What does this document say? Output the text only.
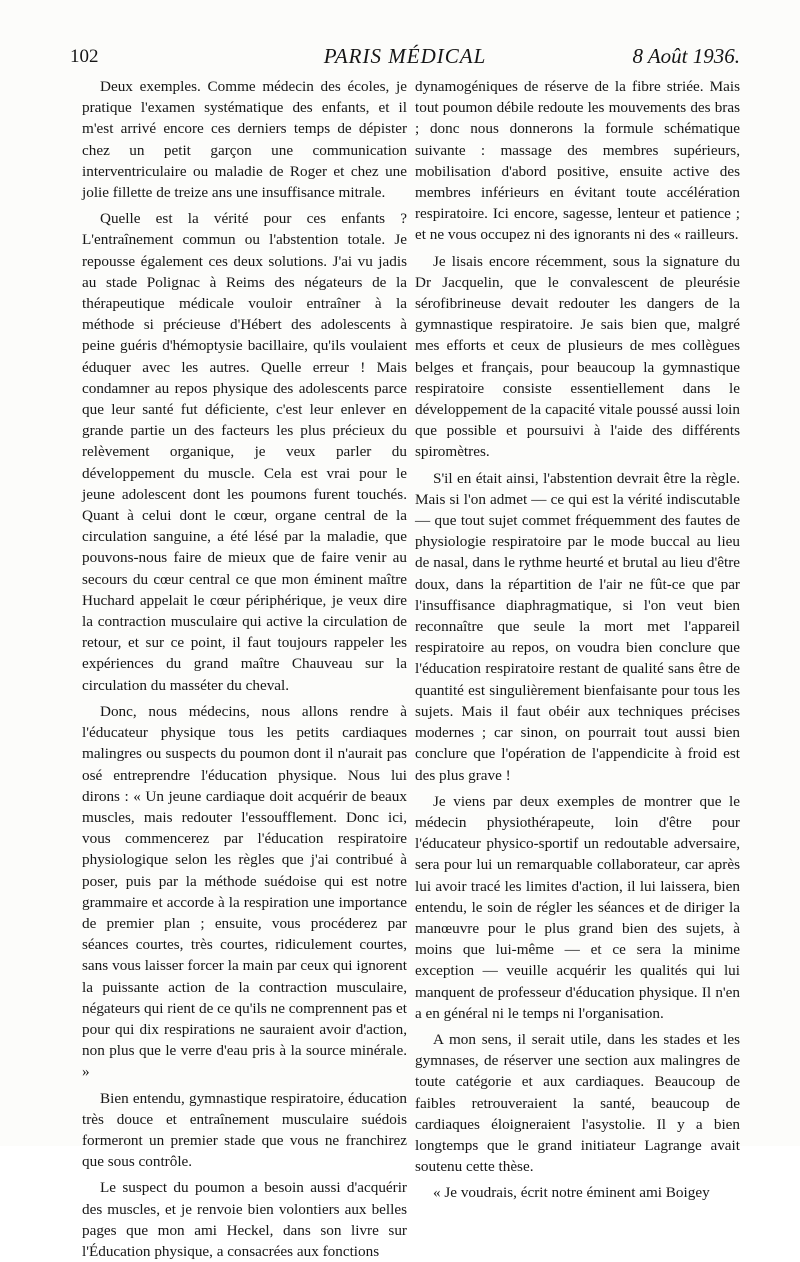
102	PARIS MÉDICAL	8 Août 1936.

Deux exemples. Comme médecin des écoles, je pratique l'examen systématique des enfants, et il m'est arrivé encore ces derniers temps de dépister chez un petit garçon une communication interventriculaire ou maladie de Roger et chez une jolie fillette de treize ans une insuffisance mitrale.

Quelle est la vérité pour ces enfants ? L'entraînement commun ou l'abstention totale. Je repousse également ces deux solutions. J'ai vu jadis au stade Polignac à Reims des négateurs de la thérapeutique médicale vouloir entraîner à la méthode si précieuse d'Hébert des adolescents à peine guéris d'hémoptysie bacillaire, qu'ils voulaient éduquer avec les autres. Quelle erreur ! Mais condamner au repos physique des adolescents parce que leur santé fut déficiente, c'est leur enlever en grande partie un des facteurs les plus précieux du relèvement organique, je veux parler du développement du muscle. Cela est vrai pour le jeune adolescent dont les poumons furent touchés. Quant à celui dont le cœur, organe central de la circulation sanguine, a été lésé par la maladie, que pouvons-nous faire de mieux que de faire venir au secours du cœur central ce que mon éminent maître Huchard appelait le cœur périphérique, je veux dire la contraction musculaire qui active la circulation de retour, et sur ce point, il faut toujours rappeler les expériences du grand maître Chauveau sur la circulation du masséter du cheval.

Donc, nous médecins, nous allons rendre à l'éducateur physique tous les petits cardiaques malingres ou suspects du poumon dont il n'aurait pas osé entreprendre l'éducation physique. Nous lui dirons : « Un jeune cardiaque doit acquérir de beaux muscles, mais redouter l'essoufflement. Donc ici, vous commencerez par l'éducation respiratoire physiologique selon les règles que j'ai contribué à poser, puis par la méthode suédoise qui est notre grammaire et accorde à la respiration une importance de premier plan ; ensuite, vous procéderez par séances courtes, très courtes, ridiculement courtes, sans vous laisser forcer la main par ceux qui ignorent la puissante action de la contraction musculaire, négateurs qui rient de ce qu'ils ne comprennent pas et pour qui dix respirations ne sauraient avoir d'action, non plus que le verre d'eau pris à la source minérale. »

Bien entendu, gymnastique respiratoire, éducation très douce et entraînement musculaire suédois formeront un premier stade que vous ne franchirez que sous contrôle.

Le suspect du poumon a besoin aussi d'acquérir des muscles, et je renvoie bien volontiers aux belles pages que mon ami Heckel, dans son livre sur l'Éducation physique, a consacrées aux fonctions

dynamogéniques de réserve de la fibre striée. Mais tout poumon débile redoute les mouvements des bras ; donc nous donnerons la formule schématique suivante : massage des membres supérieurs, mobilisation d'abord positive, ensuite active des membres inférieurs en évitant toute accélération respiratoire. Ici encore, sagesse, lenteur et patience ; et ne vous occupez ni des ignorants ni des « railleurs.

Je lisais encore récemment, sous la signature du Dr Jacquelin, que le convalescent de pleurésie sérofibrineuse devait redouter les dangers de la gymnastique respiratoire. Je sais bien que, malgré mes efforts et ceux de plusieurs de mes collègues belges et français, pour beaucoup la gymnastique respiratoire consiste essentiellement dans le développement de la capacité vitale poussé aussi loin que possible et poursuivi à l'aide des différents spiromètres.

S'il en était ainsi, l'abstention devrait être la règle. Mais si l'on admet — ce qui est la vérité indiscutable — que tout sujet commet fréquemment des fautes de physiologie respiratoire par le mode buccal au lieu de nasal, dans le rythme heurté et brutal au lieu d'être doux, dans la répartition de l'air ne fût-ce que par l'insuffisance diaphragmatique, si l'on veut bien reconnaître que seule la mort met l'appareil respiratoire au repos, on voudra bien conclure que l'éducation respiratoire restant de qualité sans être de quantité est singulièrement bienfaisante pour tous les sujets. Mais il faut obéir aux techniques précises modernes ; car sinon, on pourrait tout aussi bien conclure que l'opération de l'appendicite à froid est des plus grave !

Je viens par deux exemples de montrer que le médecin physiothérapeute, loin d'être pour l'éducateur physico-sportif un redoutable adversaire, sera pour lui un remarquable collaborateur, car après lui avoir tracé les limites d'action, il lui laissera, bien entendu, le soin de régler les séances et de diriger la manœuvre pour le plus grand bien des sujets, à moins que lui-même — et ce sera la minime exception — veuille acquérir les qualités qui lui manquent de professeur d'éducation physique. Il n'en a en général ni le temps ni l'organisation.

A mon sens, il serait utile, dans les stades et les gymnases, de réserver une section aux malingres de toute catégorie et aux cardiaques. Beaucoup de faibles retrouveraient la santé, beaucoup de cardiaques éloigneraient l'asystolie. Il y a bien longtemps que le grand initiateur Lagrange avait soutenu cette thèse.

« Je voudrais, écrit notre éminent ami Boigey
